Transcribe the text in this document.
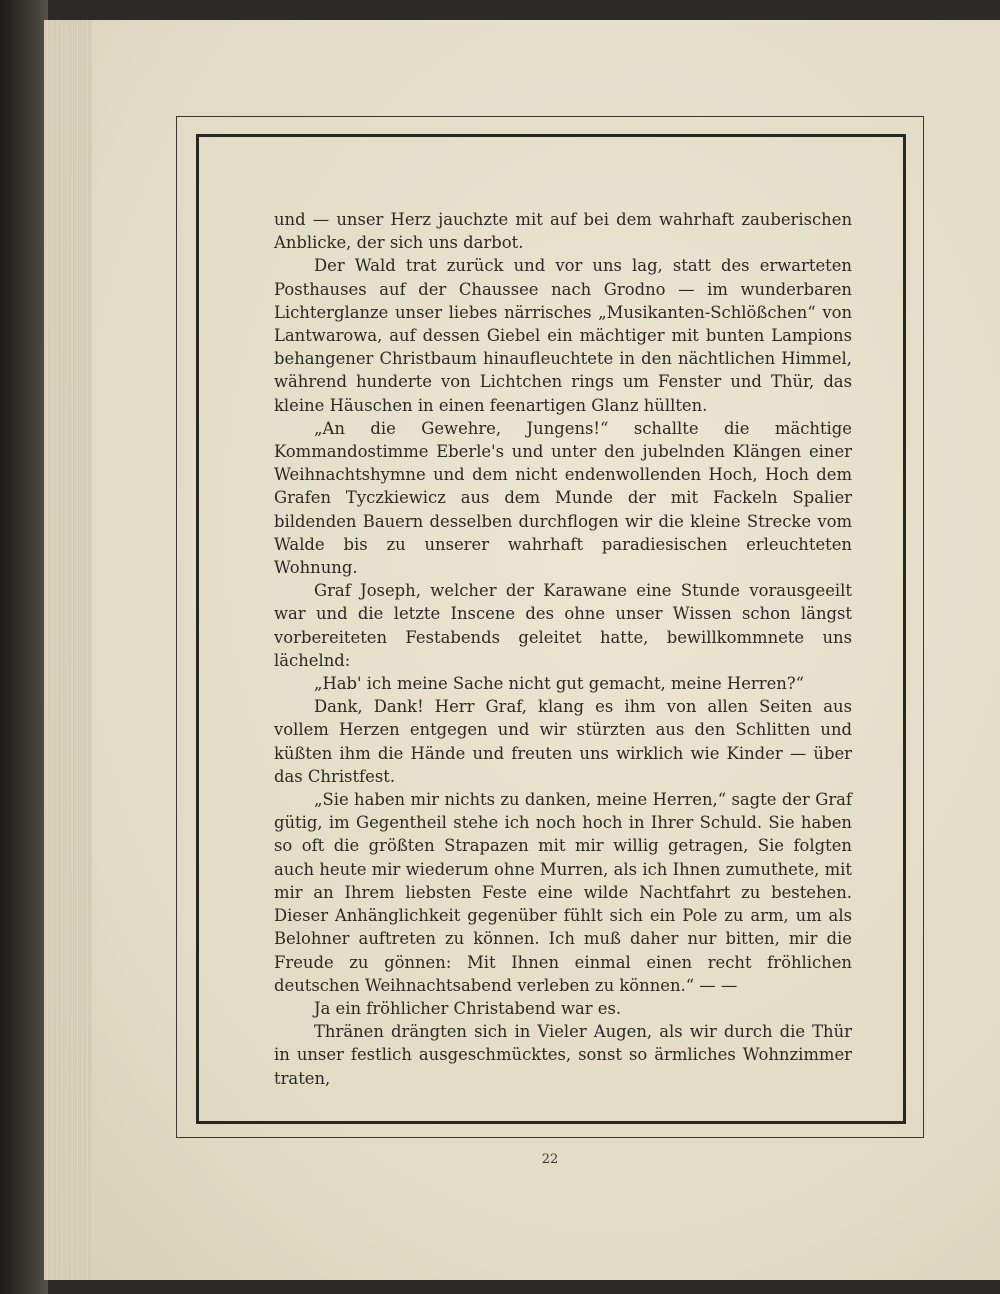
und — unser Herz jauchzte mit auf bei dem wahrhaft zauberischen Anblicke, der sich uns darbot.

Der Wald trat zurück und vor uns lag, statt des erwarteten Posthauses auf der Chaussee nach Grodno — im wunderbaren Lichterglanze unser liebes närrisches „Musikanten-Schlößchen“ von Lantwarowa, auf dessen Giebel ein mächtiger mit bunten Lampions behangener Christbaum hinaufleuchtete in den nächtlichen Himmel, während hunderte von Lichtchen rings um Fenster und Thür, das kleine Häuschen in einen feenartigen Glanz hüllten.

„An die Gewehre, Jungens!“ schallte die mächtige Kommandostimme Eberle's und unter den jubelnden Klängen einer Weihnachtshymne und dem nicht endenwollenden Hoch, Hoch dem Grafen Tyczkiewicz aus dem Munde der mit Fackeln Spalier bildenden Bauern desselben durchflogen wir die kleine Strecke vom Walde bis zu unserer wahrhaft paradiesischen erleuchteten Wohnung.

Graf Joseph, welcher der Karawane eine Stunde vorausgeeilt war und die letzte Inscene des ohne unser Wissen schon längst vorbereiteten Festabends geleitet hatte, bewillkommnete uns lächelnd:

„Hab' ich meine Sache nicht gut gemacht, meine Herren?“

Dank, Dank! Herr Graf, klang es ihm von allen Seiten aus vollem Herzen entgegen und wir stürzten aus den Schlitten und küßten ihm die Hände und freuten uns wirklich wie Kinder — über das Christfest.

„Sie haben mir nichts zu danken, meine Herren,“ sagte der Graf gütig, im Gegentheil stehe ich noch hoch in Ihrer Schuld. Sie haben so oft die größten Strapazen mit mir willig getragen, Sie folgten auch heute mir wiederum ohne Murren, als ich Ihnen zumuthete, mit mir an Ihrem liebsten Feste eine wilde Nachtfahrt zu bestehen. Dieser Anhänglichkeit gegenüber fühlt sich ein Pole zu arm, um als Belohner auftreten zu können. Ich muß daher nur bitten, mir die Freude zu gönnen: Mit Ihnen einmal einen recht fröhlichen deutschen Weihnachtsabend verleben zu können.“ — —

Ja ein fröhlicher Christabend war es.

Thränen drängten sich in Vieler Augen, als wir durch die Thür in unser festlich ausgeschmücktes, sonst so ärmliches Wohnzimmer traten,

22
